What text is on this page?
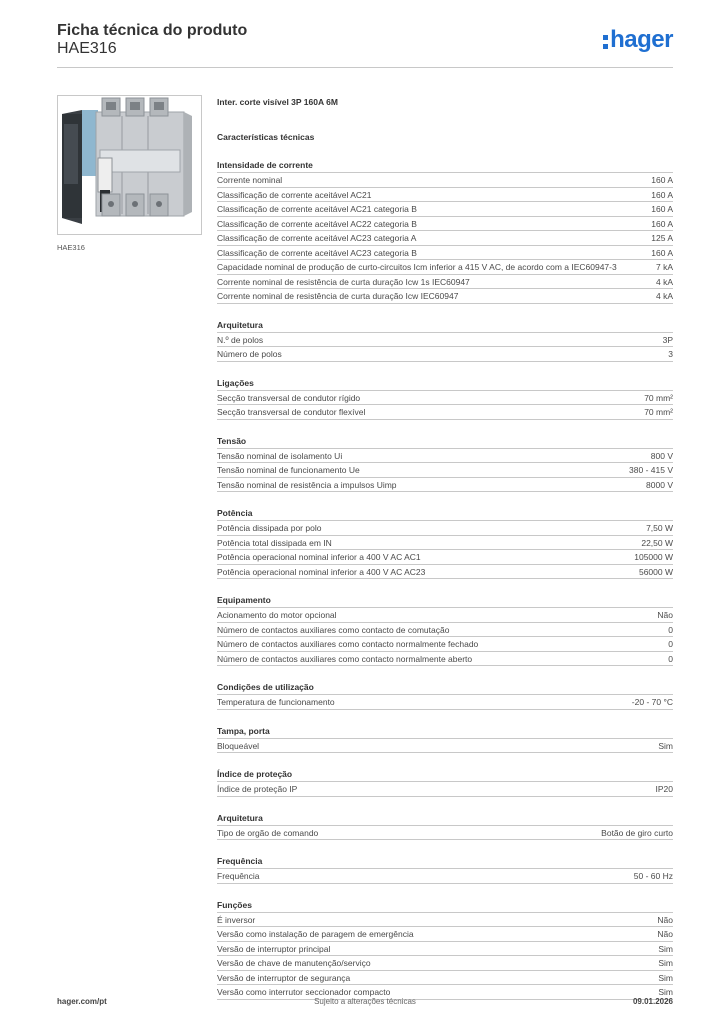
Ficha técnica do produto
HAE316	hager
HAE316
Inter. corte visível 3P 160A 6M
Características técnicas
Intensidade de corrente
Corrente nominal	160 A
Classificação de corrente aceitável AC21	160 A
Classificação de corrente aceitável AC21 categoria B	160 A
Classificação de corrente aceitável AC22 categoria B	160 A
Classificação de corrente aceitável AC23 categoria A	125 A
Classificação de corrente aceitável AC23 categoria B	160 A
Capacidade nominal de produção de curto-circuitos Icm inferior a 415 V AC, de acordo com a IEC60947-3	7 kA
Corrente nominal de resistência de curta duração Icw 1s IEC60947	4 kA
Corrente nominal de resistência de curta duração Icw IEC60947	4 kA
Arquitetura
N.º de polos	3P
Número de polos	3
Ligações
Secção transversal de condutor rígido	70 mm²
Secção transversal de condutor flexível	70 mm²
Tensão
Tensão nominal de isolamento Ui	800 V
Tensão nominal de funcionamento Ue	380 - 415 V
Tensão nominal de resistência a impulsos Uimp	8000 V
Potência
Potência dissipada por polo	7,50 W
Potência total dissipada em IN	22,50 W
Potência operacional nominal inferior a 400 V AC AC1	105000 W
Potência operacional nominal inferior a 400 V AC AC23	56000 W
Equipamento
Acionamento do motor opcional	Não
Número de contactos auxiliares como contacto de comutação	0
Número de contactos auxiliares como contacto normalmente fechado	0
Número de contactos auxiliares como contacto normalmente aberto	0
Condições de utilização
Temperatura de funcionamento	-20 - 70 °C
Tampa, porta
Bloqueável	Sim
Índice de proteção
Índice de proteção IP	IP20
Arquitetura
Tipo de orgão de comando	Botão de giro curto
Frequência
Frequência	50 - 60 Hz
Funções
É inversor	Não
Versão como instalação de paragem de emergência	Não
Versão de interruptor principal	Sim
Versão de chave de manutenção/serviço	Sim
Versão de interruptor de segurança	Sim
Versão como interrutor seccionador compacto	Sim
hager.com/pt	Sujeito a alterações técnicas	09.01.2026
